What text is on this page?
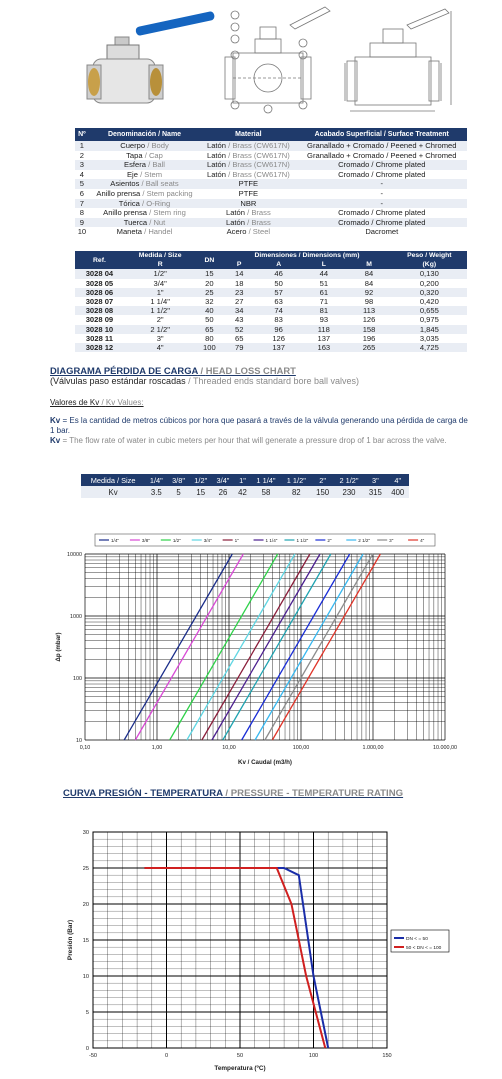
Nº	Denominación / Name	Material	Acabado Superficial / Surface Treatment
1	Cuerpo / Body	Latón / Brass (CW617N)	Granallado + Cromado / Peened + Chromed
2	Tapa / Cap	Latón / Brass (CW617N)	Granallado + Cromado / Peened + Chromed
3	Esfera / Ball	Latón / Brass (CW617N)	Cromado / Chrome plated
4	Eje / Stem	Latón / Brass (CW617N)	Cromado / Chrome plated
5	Asientos / Ball seats	PTFE	-
6	Anillo prensa / Stem packing	PTFE	-
7	Tórica / O-Ring	NBR	-
8	Anillo prensa / Stem ring	Latón / Brass	Cromado / Chrome plated
9	Tuerca / Nut	Latón / Brass	Cromado / Chrome plated
10	Maneta / Handel	Acero / Steel	Dacromet
Ref.	Medida / Size	DN	Dimensiones / Dimensions (mm)				Peso / Weight
	R		P	A	L	M	(Kg)
3028 04	1/2"	15	14	46	44	84	0,130
3028 05	3/4"	20	18	50	51	84	0,200
3028 06	1"	25	23	57	61	92	0,320
3028 07	1 1/4"	32	27	63	71	98	0,420
3028 08	1 1/2"	40	34	74	81	113	0,655
3028 09	2"	50	43	83	93	126	0,975
3028 10	2 1/2"	65	52	96	118	158	1,845
3028 11	3"	80	65	126	137	196	3,035
3028 12	4"	100	79	137	163	265	4,725
DIAGRAMA PÉRDIDA DE CARGA / HEAD LOSS CHART
(Válvulas paso estándar roscadas / Threaded ends standard bore ball valves)
Valores de Kv / Kv Values:
Kv = Es la cantidad de metros cúbicos por hora que pasará a través de la válvula generando una pérdida de carga de 1 bar.
Kv = The flow rate of water in cubic meters per hour that will generate a pressure drop of 1 bar across the valve.
Medida / Size	1/4"	3/8"	1/2"	3/4"	1"	1 1/4"	1 1/2"	2"	2 1/2"	3"	4"
Kv	3.5	5	15	26	42	58	82	150	230	315	400
1/4"	3/8"	1/2"	3/4"	1"	1 1/4"	1 1/2"	2"	2 1/2"	3"	4"
0,10	1,00	10,00	100,00	1.000,00	10.000,00
10
100
1000
10000
Kv / Caudal (m3/h)
Δp (mbar)
CURVA PRESIÓN - TEMPERATURA / PRESSURE - TEMPERATURE RATING
-50	0	50	100	150
0
5
10
15
20
25
30
Temperatura (ºC)
Presión (Bar)	DN < = 50
50 < DN < = 100
